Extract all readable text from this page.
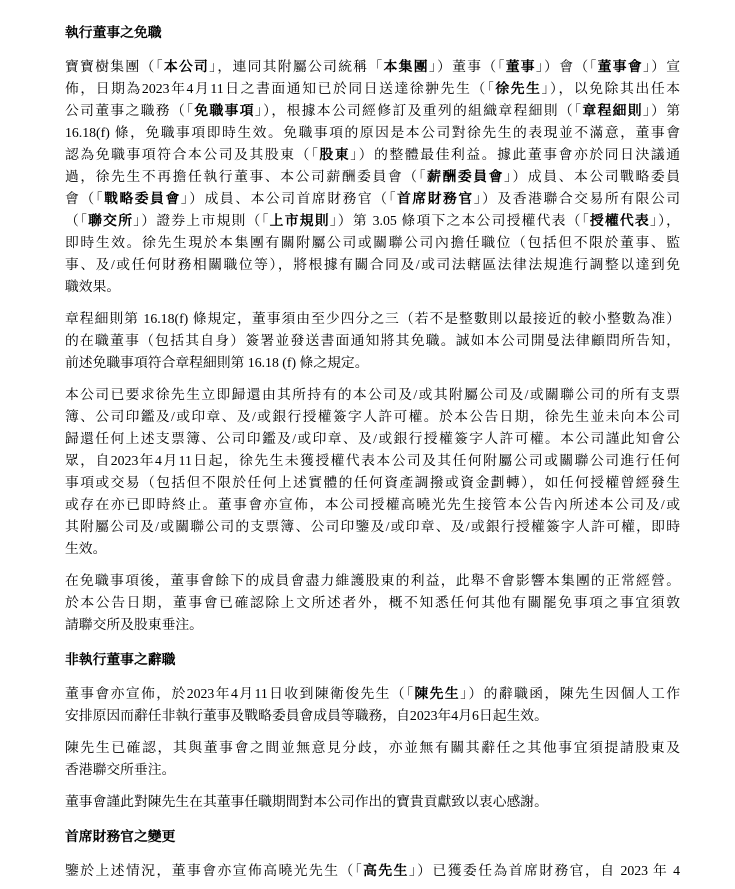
執行董事之免職
寶寶樹集團（「本公司」，連同其附屬公司統稱「本集團」）董事（「董事」）會（「董事會」）宣
佈，日期為2023年4月11日之書面通知已於同日送達徐翀先生（「徐先生」），以免除其出任本
公司董事之職務（「免職事項」），根據本公司經修訂及重列的組織章程細則（「章程細則」）第
16.18(f) 條，免職事項即時生效。免職事項的原因是本公司對徐先生的表現並不滿意，董事會
認為免職事項符合本公司及其股東（「股東」）的整體最佳利益。據此董事會亦於同日決議通
過，徐先生不再擔任執行董事、本公司薪酬委員會（「薪酬委員會」）成員、本公司戰略委員
會（「戰略委員會」）成員、本公司首席財務官（「首席財務官」）及香港聯合交易所有限公司
（「聯交所」）證券上市規則（「上市規則」）第 3.05 條項下之本公司授權代表（「授權代表」），
即時生效。徐先生現於本集團有關附屬公司或關聯公司內擔任職位（包括但不限於董事、監
事、及/或任何財務相關職位等），將根據有關合同及/或司法轄區法律法規進行調整以達到免
職效果。
章程細則第 16.18(f) 條規定，董事須由至少四分之三（若不是整數則以最接近的較小整數為准）
的在職董事（包括其自身）簽署並發送書面通知將其免職。誠如本公司開曼法律顧問所告知，
前述免職事項符合章程細則第 16.18 (f) 條之規定。
本公司已要求徐先生立即歸還由其所持有的本公司及/或其附屬公司及/或關聯公司的所有支票
簿、公司印鑑及/或印章、及/或銀行授權簽字人許可權。於本公告日期，徐先生並未向本公司
歸還任何上述支票簿、公司印鑑及/或印章、及/或銀行授權簽字人許可權。本公司謹此知會公
眾，自2023年4月11日起，徐先生未獲授權代表本公司及其任何附屬公司或關聯公司進行任何
事項或交易（包括但不限於任何上述實體的任何資產調撥或資金劃轉），如任何授權曾經發生
或存在亦已即時終止。董事會亦宣佈，本公司授權高曉光先生接管本公告內所述本公司及/或
其附屬公司及/或關聯公司的支票簿、公司印鑒及/或印章、及/或銀行授權簽字人許可權，即時
生效。
在免職事項後，董事會餘下的成員會盡力維護股東的利益，此舉不會影響本集團的正常經營。
於本公告日期，董事會已確認除上文所述者外，概不知悉任何其他有關罷免事項之事宜須敦
請聯交所及股東垂注。
非執行董事之辭職
董事會亦宣佈，於2023年4月11日收到陳衛俊先生（「陳先生」）的辭職函，陳先生因個人工作
安排原因而辭任非執行董事及戰略委員會成員等職務，自2023年4月6日起生效。
陳先生已確認，其與董事會之間並無意見分歧，亦並無有關其辭任之其他事宜須提請股東及
香港聯交所垂注。
董事會謹此對陳先生在其董事任職期間對本公司作出的寶貴貢獻致以衷心感謝。
首席財務官之變更
鑒於上述情況，董事會亦宣佈高曉光先生（「高先生」）已獲委任為首席財務官，自 2023 年 4
